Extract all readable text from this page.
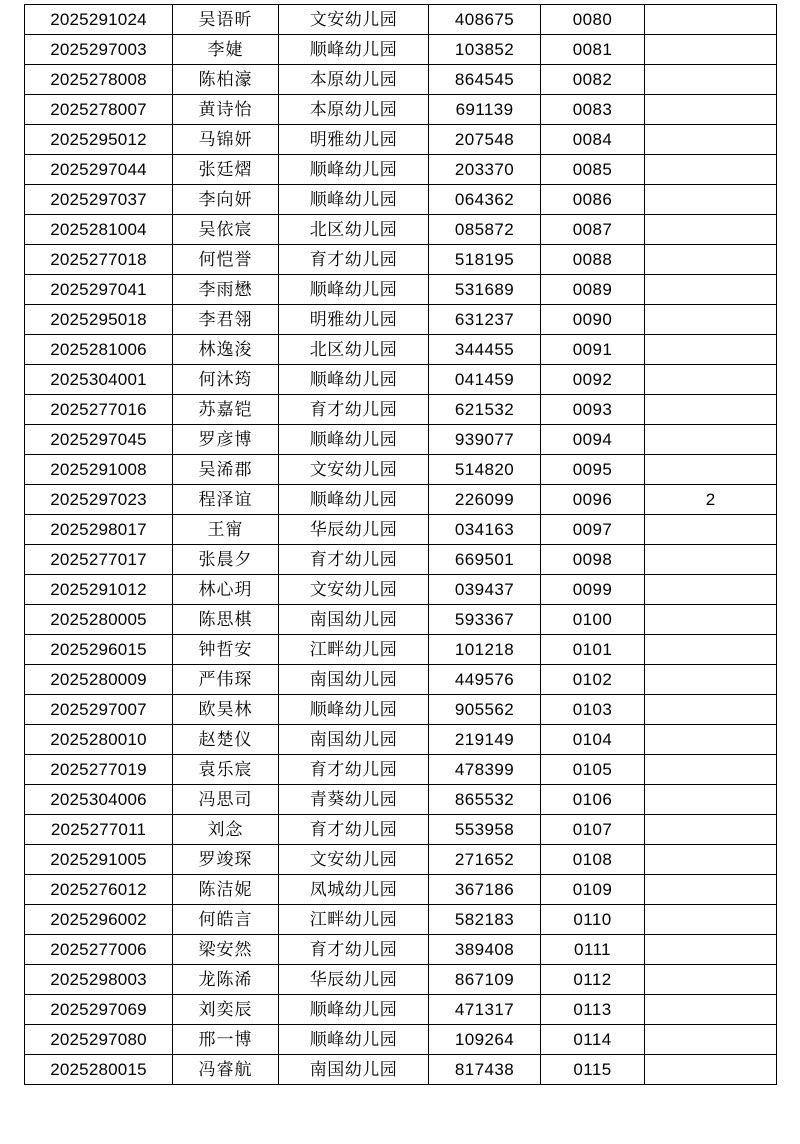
2025291024	吴语昕	文安幼儿园	408675	0080	
2025297003	李婕	顺峰幼儿园	103852	0081	
2025278008	陈柏濠	本原幼儿园	864545	0082	
2025278007	黄诗怡	本原幼儿园	691139	0083	
2025295012	马锦妍	明雅幼儿园	207548	0084	
2025297044	张廷熠	顺峰幼儿园	203370	0085	
2025297037	李向妍	顺峰幼儿园	064362	0086	
2025281004	吴依宸	北区幼儿园	085872	0087	
2025277018	何恺誉	育才幼儿园	518195	0088	
2025297041	李雨懋	顺峰幼儿园	531689	0089	
2025295018	李君翎	明雅幼儿园	631237	0090	
2025281006	林逸浚	北区幼儿园	344455	0091	
2025304001	何沐筠	顺峰幼儿园	041459	0092	
2025277016	苏嘉铠	育才幼儿园	621532	0093	
2025297045	罗彦博	顺峰幼儿园	939077	0094	
2025291008	吴浠郡	文安幼儿园	514820	0095	
2025297023	程泽谊	顺峰幼儿园	226099	0096	2
2025298017	王甯	华辰幼儿园	034163	0097	
2025277017	张晨夕	育才幼儿园	669501	0098	
2025291012	林心玥	文安幼儿园	039437	0099	
2025280005	陈思棋	南国幼儿园	593367	0100	
2025296015	钟哲安	江畔幼儿园	101218	0101	
2025280009	严伟琛	南国幼儿园	449576	0102	
2025297007	欧昊林	顺峰幼儿园	905562	0103	
2025280010	赵楚仪	南国幼儿园	219149	0104	
2025277019	袁乐宸	育才幼儿园	478399	0105	
2025304006	冯思司	青葵幼儿园	865532	0106	
2025277011	刘念	育才幼儿园	553958	0107	
2025291005	罗竣琛	文安幼儿园	271652	0108	
2025276012	陈洁妮	凤城幼儿园	367186	0109	
2025296002	何皓言	江畔幼儿园	582183	0110	
2025277006	梁安然	育才幼儿园	389408	0111	
2025298003	龙陈浠	华辰幼儿园	867109	0112	
2025297069	刘奕辰	顺峰幼儿园	471317	0113	
2025297080	邢一博	顺峰幼儿园	109264	0114	
2025280015	冯睿航	南国幼儿园	817438	0115	
